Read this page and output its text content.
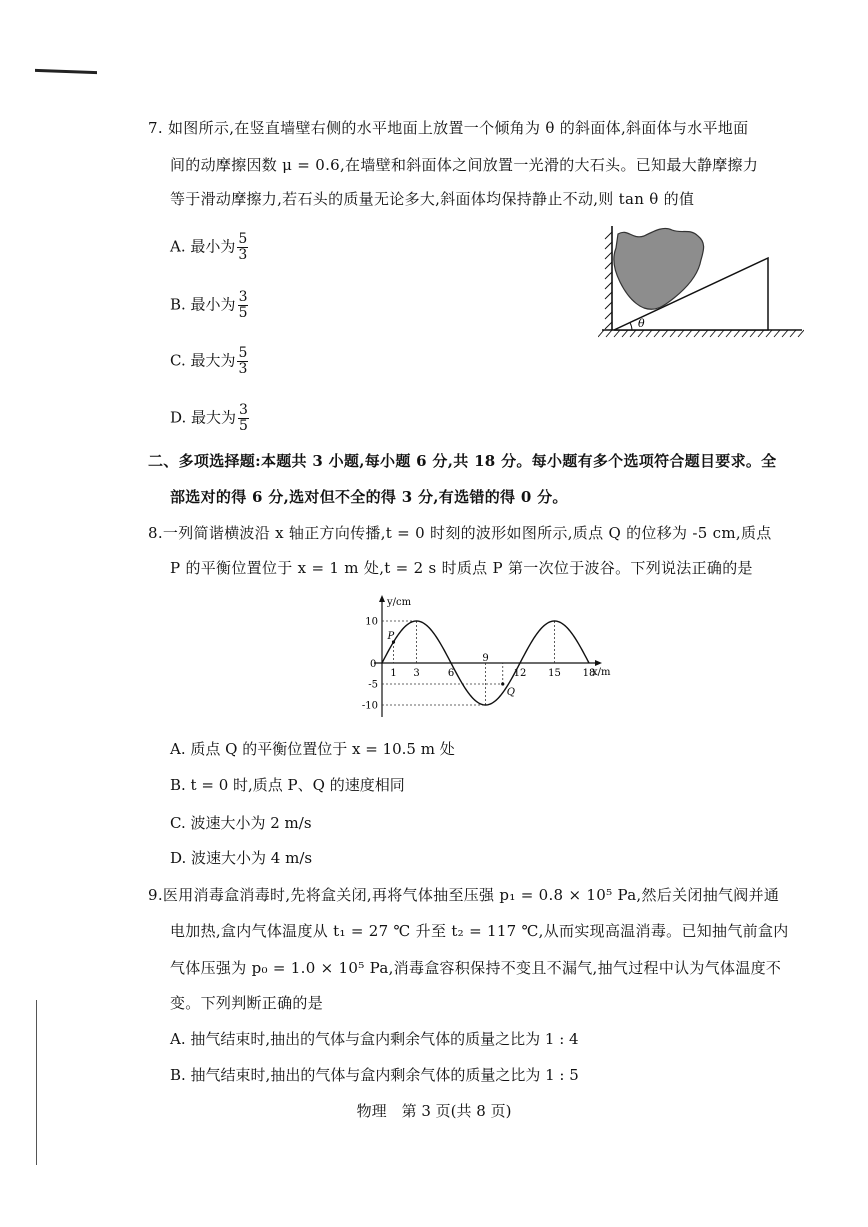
7. 如图所示,在竖直墙壁右侧的水平地面上放置一个倾角为 θ 的斜面体,斜面体与水平地面
间的动摩擦因数 μ = 0.6,在墙壁和斜面体之间放置一光滑的大石头。已知最大静摩擦力
等于滑动摩擦力,若石头的质量无论多大,斜面体均保持静止不动,则 tan θ 的值
A. 最小为 $\frac{5}{3}$
B. 最小为 $\frac{3}{5}$
C. 最大为 $\frac{5}{3}$
D. 最大为 $\frac{3}{5}$
θ
二、多项选择题:本题共 3 小题,每小题 6 分,共 18 分。每小题有多个选项符合题目要求。全
部选对的得 6 分,选对但不全的得 3 分,有选错的得 0 分。
8.一列简谐横波沿 x 轴正方向传播,t = 0 时刻的波形如图所示,质点 Q 的位移为 -5 cm,质点
P 的平衡位置位于 x = 1 m 处,t = 2 s 时质点 P 第一次位于波谷。下列说法正确的是
y/cm
x/m
0
10
-5
-10
1 3	6
9
12 15 18
P
Q
A. 质点 Q 的平衡位置位于 x = 10.5 m 处
B. t = 0 时,质点 P、Q 的速度相同
C. 波速大小为 2 m/s
D. 波速大小为 4 m/s
9.医用消毒盒消毒时,先将盒关闭,再将气体抽至压强 p₁ = 0.8 × 10⁵ Pa,然后关闭抽气阀并通
电加热,盒内气体温度从 t₁ = 27 ℃ 升至 t₂ = 117 ℃,从而实现高温消毒。已知抽气前盒内
气体压强为 p₀ = 1.0 × 10⁵ Pa,消毒盒容积保持不变且不漏气,抽气过程中认为气体温度不
变。下列判断正确的是
A. 抽气结束时,抽出的气体与盒内剩余气体的质量之比为 1 : 4
B. 抽气结束时,抽出的气体与盒内剩余气体的质量之比为 1 : 5
物理　第 3 页(共 8 页)
